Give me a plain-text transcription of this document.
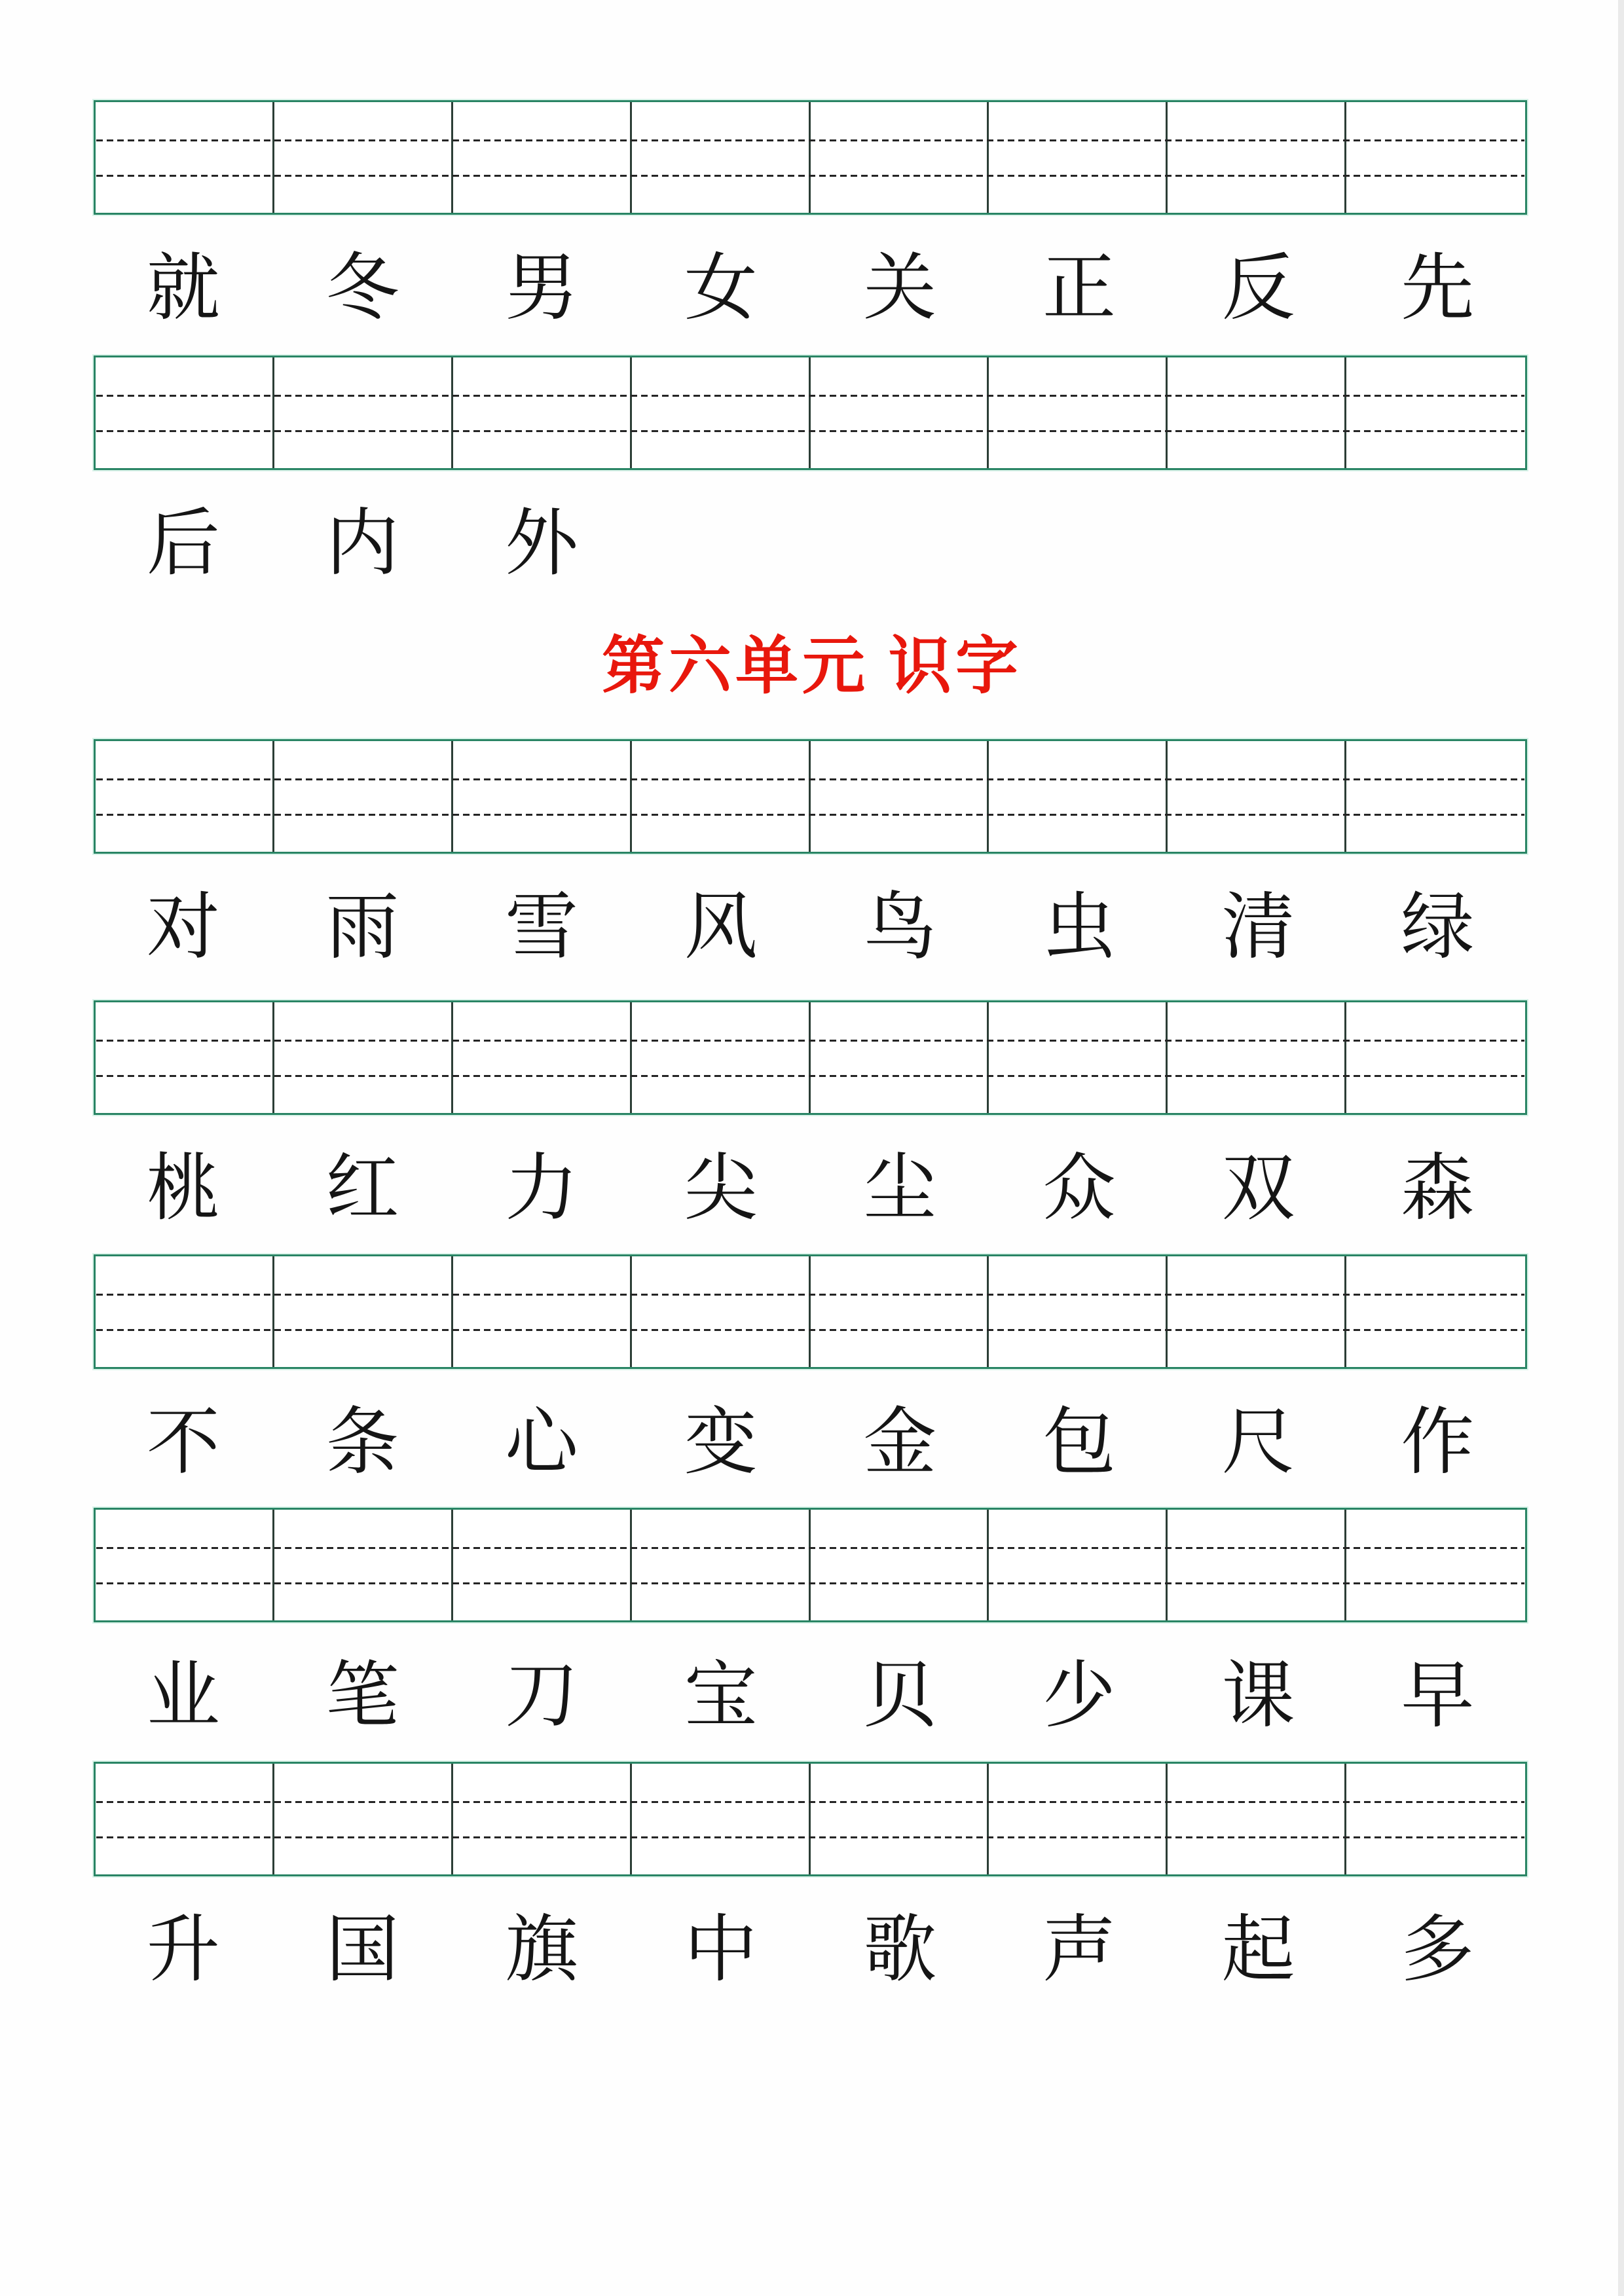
就	冬	男	女	关	正	反	先
后	内	外
第六单元 识字
对	雨	雪	风	鸟	虫	清	绿
桃	红	力	尖	尘	众	双	森
不	条	心	变	金	包	尺	作
业	笔	刀	宝	贝	少	课	早
升	国	旗	中	歌	声	起	多
